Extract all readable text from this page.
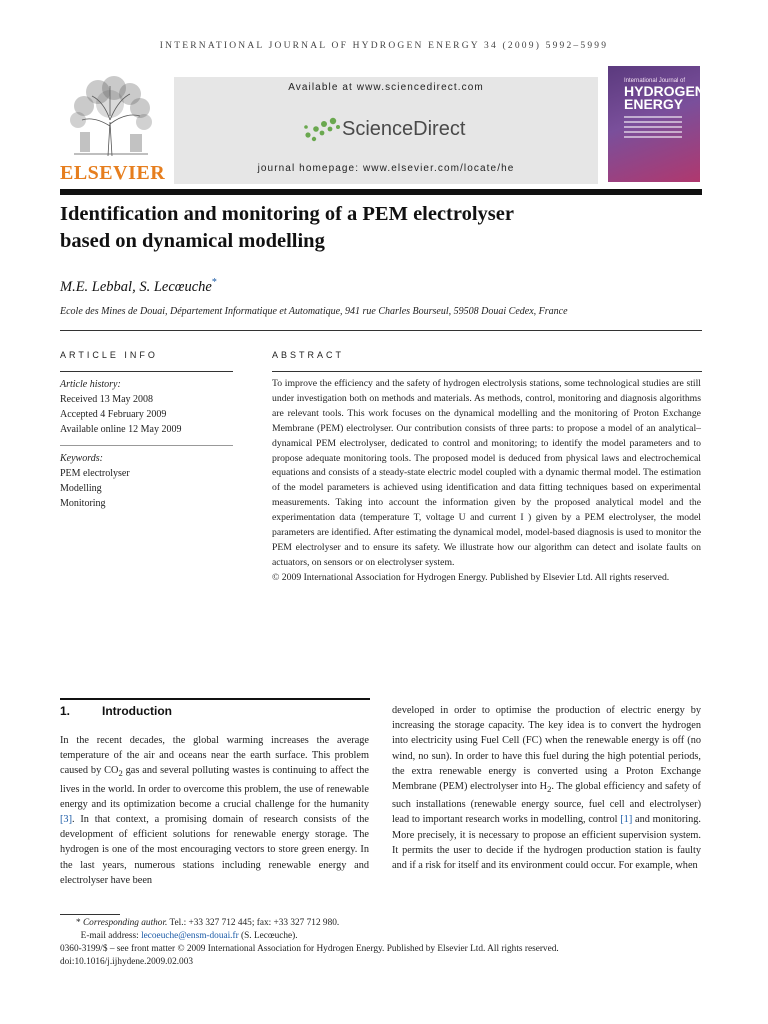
INTERNATIONAL JOURNAL OF HYDROGEN ENERGY 34 (2009) 5992–5999
ELSEVIER
Available at www.sciencedirect.com
ScienceDirect
journal homepage: www.elsevier.com/locate/he
International Journal of
HYDROGEN
ENERGY
Identification and monitoring of a PEM electrolyser
based on dynamical modelling
M.E. Lebbal, S. Lecœuche*
Ecole des Mines de Douai, Département Informatique et Automatique, 941 rue Charles Bourseul, 59508 Douai Cedex, France
ARTICLE INFO
Article history:
Received 13 May 2008
Accepted 4 February 2009
Available online 12 May 2009
Keywords:
PEM electrolyser
Modelling
Monitoring
ABSTRACT
To improve the efficiency and the safety of hydrogen electrolysis stations, some technological studies are still under investigation both on methods and materials. As methods, control, monitoring and diagnosis algorithms are relevant tools. This work focuses on the dynamical modelling and the monitoring of Proton Exchange Membrane (PEM) electrolyser. Our contribution consists of three parts: to propose a model of an analytical–dynamical PEM electrolyser, dedicated to control and monitoring; to identify the model parameters and to propose adequate monitoring tools. The proposed model is deduced from physical laws and electrochemical equations and consists of a steady-state electric model coupled with a dynamic thermal model. The estimation of the model parameters is achieved using identification and data fitting techniques based on experimental measurements. Taking into account the information given by the proposed analytical model and the experimentation data (temperature T, voltage U and current I ) given by a PEM electrolyser, the model parameters are identified. After estimating the dynamical model, model-based diagnosis is used to monitor the PEM electrolyser and to ensure its safety. We illustrate how our algorithm can detect and isolate faults on actuators, on sensors or on electrolyser system.
© 2009 International Association for Hydrogen Energy. Published by Elsevier Ltd. All rights reserved.
1.	Introduction
In the recent decades, the global warming increases the average temperature of the air and oceans near the earth surface. This problem caused by $CO_2$ gas and several polluting wastes is continuing to affect the lives in the world. In order to overcome this problem, the use of renewable energy and its optimization become a crucial challenge for the humanity [3]. In that context, a promising domain of research consists of the development of efficient solutions for renewable energy storage. The hydrogen is one of the most encouraging vectors to store green energy. In the last years, numerous stations including renewable energy and electrolyser have been
developed in order to optimise the production of electric energy by increasing the storage capacity. The key idea is to convert the hydrogen into electricity using Fuel Cell (FC) when the renewable energy is off (no wind, no sun). In order to have this fuel during the high potential periods, the extra renewable energy is converted using a Proton Exchange Membrane (PEM) electrolyser into $H_2$. The global efficiency and safety of such installations (renewable energy source, fuel cell and electrolyser) lead to important research works in modelling, control [1] and monitoring. More precisely, it is necessary to propose an efficient supervision system. It permits the user to decide if the hydrogen production station is faulty and if a risk for itself and its environment could occur. For example, when
* Corresponding author. Tel.: +33 327 712 445; fax: +33 327 712 980.
E-mail address: lecoeuche@ensm-douai.fr (S. Lecœuche).
0360-3199/$ – see front matter © 2009 International Association for Hydrogen Energy. Published by Elsevier Ltd. All rights reserved.
doi:10.1016/j.ijhydene.2009.02.003
